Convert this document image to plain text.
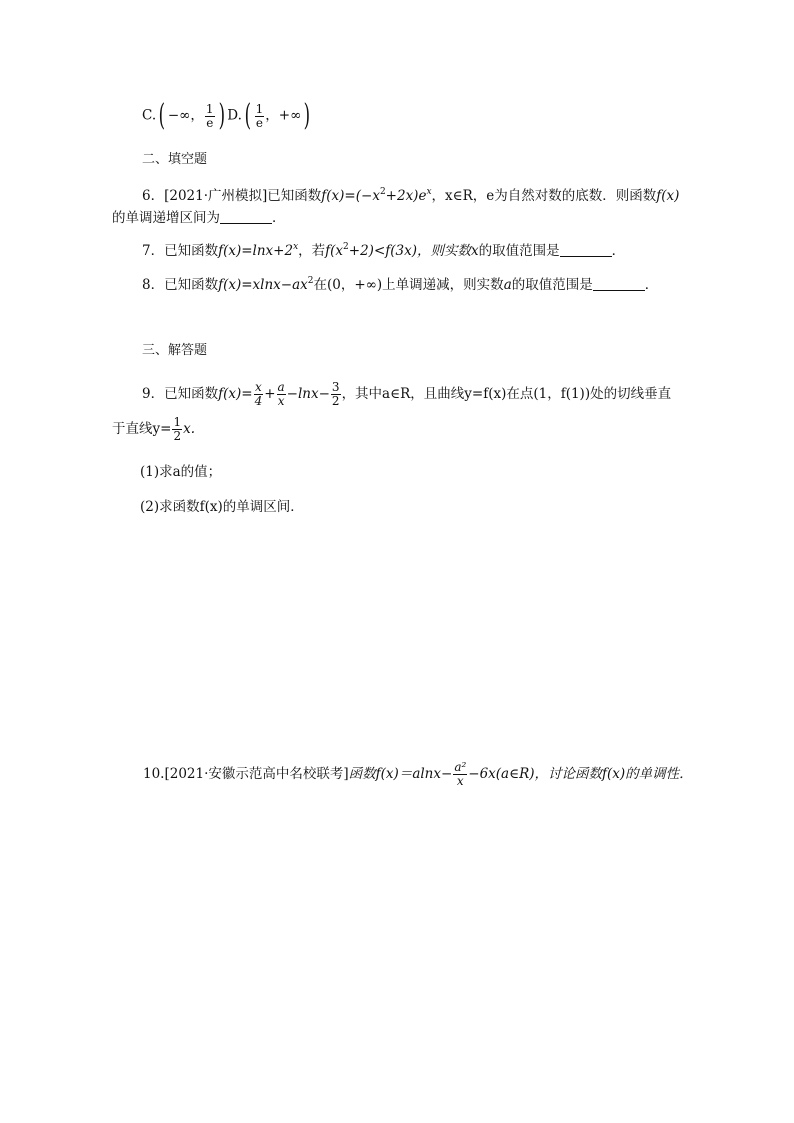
C.( −∞， $\frac{1}{e}$ ) $D.( \frac{1}{e}$ ，+∞)
二、填空题
6．[2021·广州模拟]已知函数$f(x)=(-x^2+2x)e^x$，x∈R，e为自然对数的底数．则函数f(x)
的单调递增区间为	．
7．已知函数$f(x)=\ln x+2^x$，若$f(x^2+2)<f(3x)$，则实数x的取值范围是	．
8．已知函数$f(x)=xlnx-ax^2$在(0，+∞)上单调递减，则实数a的取值范围是	．
三、解答题
9．已知函数$f(x)= \frac{x}{4} + \frac{a}{x} -\ln x- \frac{3}{2}$ ，其中a∈R，且曲线y=f(x)在点(1，f(1))处的切线垂直
于直线$y= \frac{1}{2} x$.
(1)求a的值；
(2)求函数f(x)的单调区间．
10.[2021·安徽示范高中名校联考]函数$f(x)=alnx- \frac{\text{a²}}{x}$ −6x(a∈R)，讨论函数f(x)的单调性．
